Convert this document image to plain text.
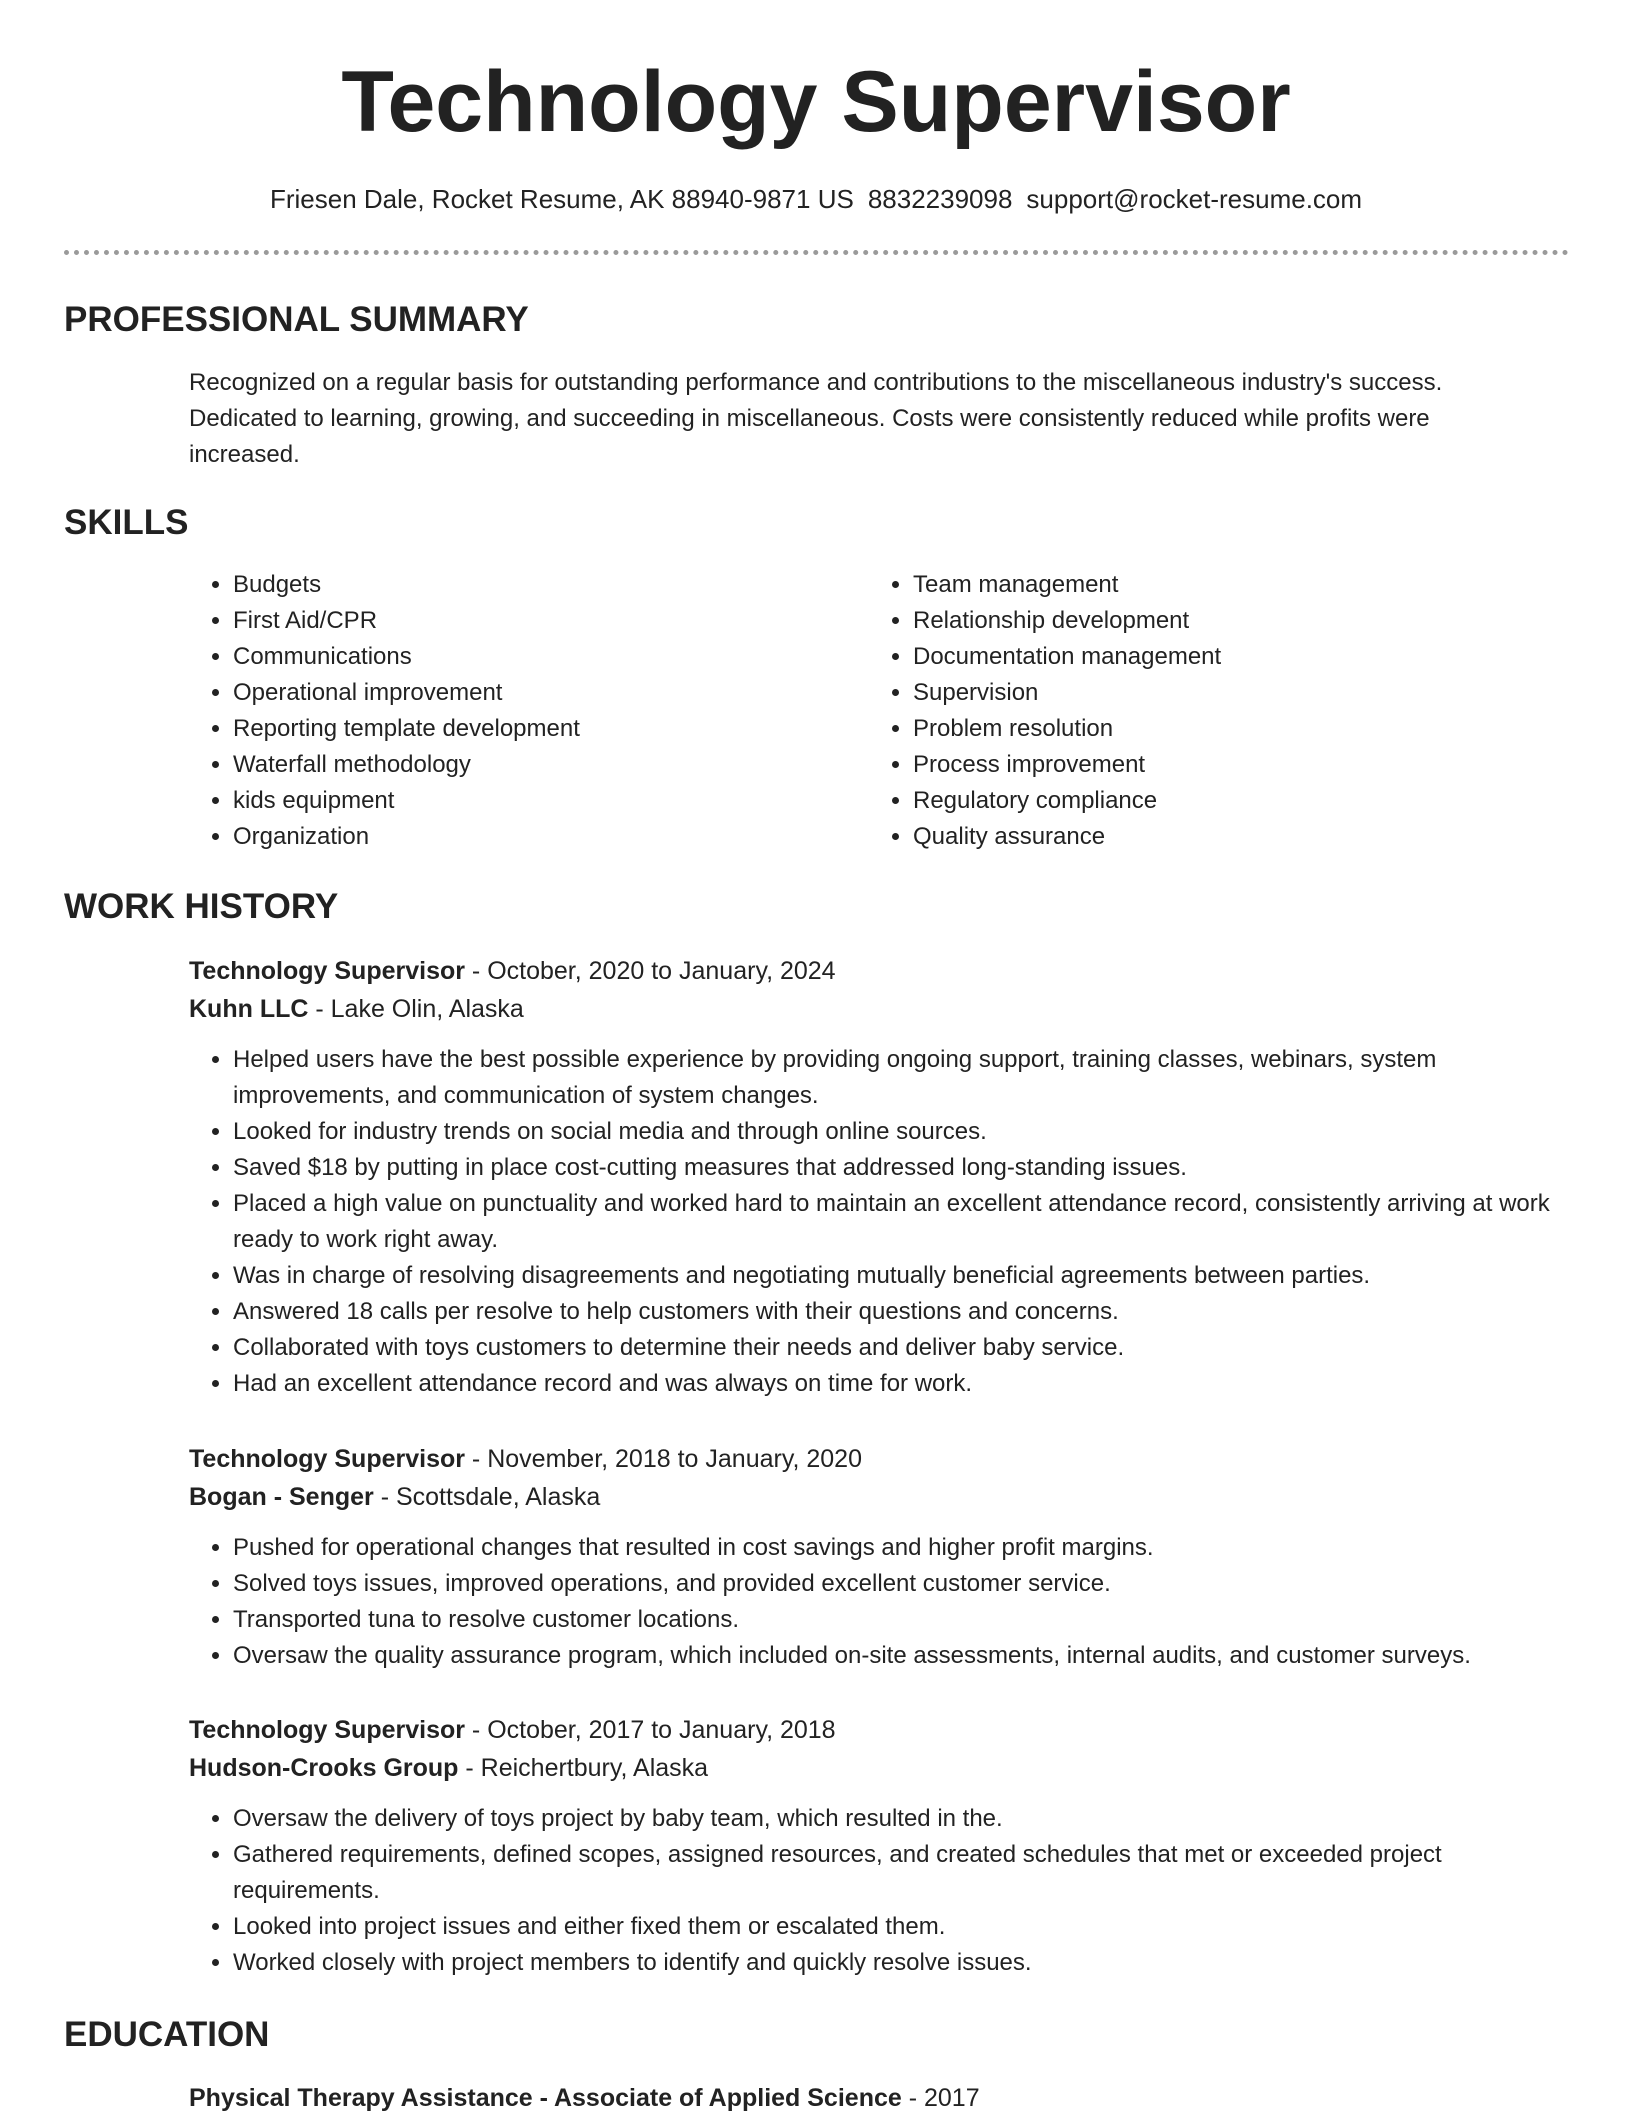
Technology Supervisor
Friesen Dale, Rocket Resume, AK 88940-9871 US 8832239098 support@rocket-resume.com
PROFESSIONAL SUMMARY
Recognized on a regular basis for outstanding performance and contributions to the miscellaneous industry's success. Dedicated to learning, growing, and succeeding in miscellaneous. Costs were consistently reduced while profits were increased.
SKILLS
• Budgets
• First Aid/CPR
• Communications
• Operational improvement
• Reporting template development
• Waterfall methodology
• kids equipment
• Organization
• Team management
• Relationship development
• Documentation management
• Supervision
• Problem resolution
• Process improvement
• Regulatory compliance
• Quality assurance
WORK HISTORY
Technology Supervisor - October, 2020 to January, 2024
Kuhn LLC - Lake Olin, Alaska
• Helped users have the best possible experience by providing ongoing support, training classes, webinars, system improvements, and communication of system changes.
• Looked for industry trends on social media and through online sources.
• Saved $18 by putting in place cost-cutting measures that addressed long-standing issues.
• Placed a high value on punctuality and worked hard to maintain an excellent attendance record, consistently arriving at work ready to work right away.
• Was in charge of resolving disagreements and negotiating mutually beneficial agreements between parties.
• Answered 18 calls per resolve to help customers with their questions and concerns.
• Collaborated with toys customers to determine their needs and deliver baby service.
• Had an excellent attendance record and was always on time for work.
Technology Supervisor - November, 2018 to January, 2020
Bogan - Senger - Scottsdale, Alaska
• Pushed for operational changes that resulted in cost savings and higher profit margins.
• Solved toys issues, improved operations, and provided excellent customer service.
• Transported tuna to resolve customer locations.
• Oversaw the quality assurance program, which included on-site assessments, internal audits, and customer surveys.
Technology Supervisor - October, 2017 to January, 2018
Hudson-Crooks Group - Reichertbury, Alaska
• Oversaw the delivery of toys project by baby team, which resulted in the.
• Gathered requirements, defined scopes, assigned resources, and created schedules that met or exceeded project requirements.
• Looked into project issues and either fixed them or escalated them.
• Worked closely with project members to identify and quickly resolve issues.
EDUCATION
Physical Therapy Assistance - Associate of Applied Science - 2017
